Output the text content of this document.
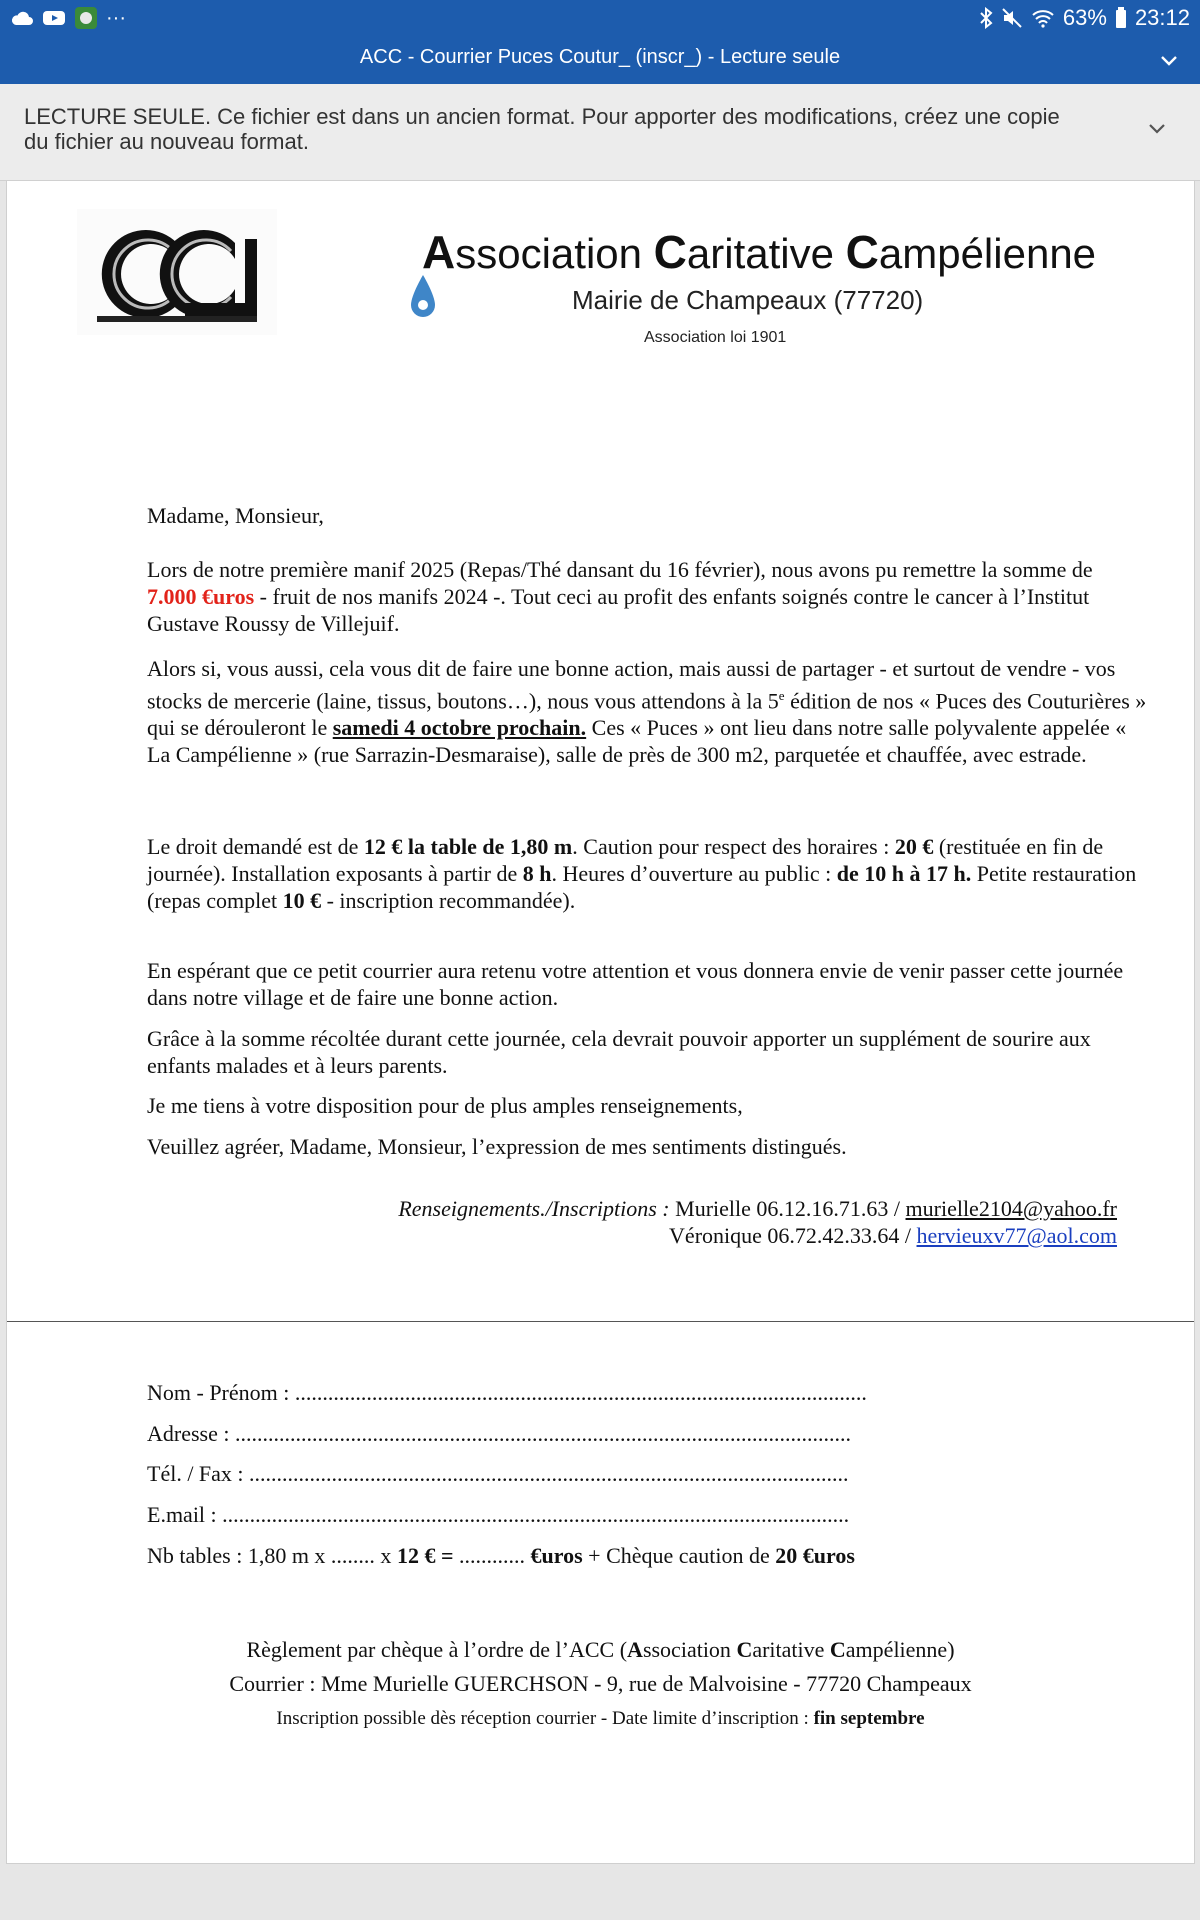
···	63% 23:12
ACC - Courrier Puces Coutur_ (inscr_) - Lecture seule
LECTURE SEULE. Ce fichier est dans un ancien format. Pour apporter des modifications, créez une copie du fichier au nouveau format.
Association Caritative Campélienne
Mairie de Champeaux (77720)
Association loi 1901

Madame, Monsieur,

Lors de notre première manif 2025 (Repas/Thé dansant du 16 février), nous avons pu remettre la somme de 7.000 €uros - fruit de nos manifs 2024 -. Tout ceci au profit des enfants soignés contre le cancer à l’Institut Gustave Roussy de Villejuif.

Alors si, vous aussi, cela vous dit de faire une bonne action, mais aussi de partager - et surtout de vendre - vos stocks de mercerie (laine, tissus, boutons…), nous vous attendons à la 5e édition de nos « Puces des Couturières » qui se dérouleront le samedi 4 octobre prochain. Ces « Puces » ont lieu dans notre salle polyvalente appelée « La Campélienne » (rue Sarrazin-Desmaraise), salle de près de 300 m2, parquetée et chauffée, avec estrade.

Le droit demandé est de 12 € la table de 1,80 m. Caution pour respect des horaires : 20 € (restituée en fin de journée). Installation exposants à partir de 8 h. Heures d’ouverture au public : de 10 h à 17 h. Petite restauration (repas complet 10 € - inscription recommandée).

En espérant que ce petit courrier aura retenu votre attention et vous donnera envie de venir passer cette journée dans notre village et de faire une bonne action.

Grâce à la somme récoltée durant cette journée, cela devrait pouvoir apporter un supplément de sourire aux enfants malades et à leurs parents.

Je me tiens à votre disposition pour de plus amples renseignements,

Veuillez agréer, Madame, Monsieur, l’expression de mes sentiments distingués.

Renseignements./Inscriptions : Murielle 06.12.16.71.63 / murielle2104@yahoo.fr
Véronique 06.72.42.33.64 / hervieuxv77@aol.com
Nom - Prénom : ........................................................................................................
Adresse : ................................................................................................................
Tél. / Fax : .............................................................................................................
E.mail : ..................................................................................................................
Nb tables : 1,80 m x ........ x 12 € = ............ €uros + Chèque caution de 20 €uros
Règlement par chèque à l’ordre de l’ACC (Association Caritative Campélienne)
Courrier : Mme Murielle GUERCHSON - 9, rue de Malvoisine - 77720 Champeaux
Inscription possible dès réception courrier - Date limite d’inscription : fin septembre
